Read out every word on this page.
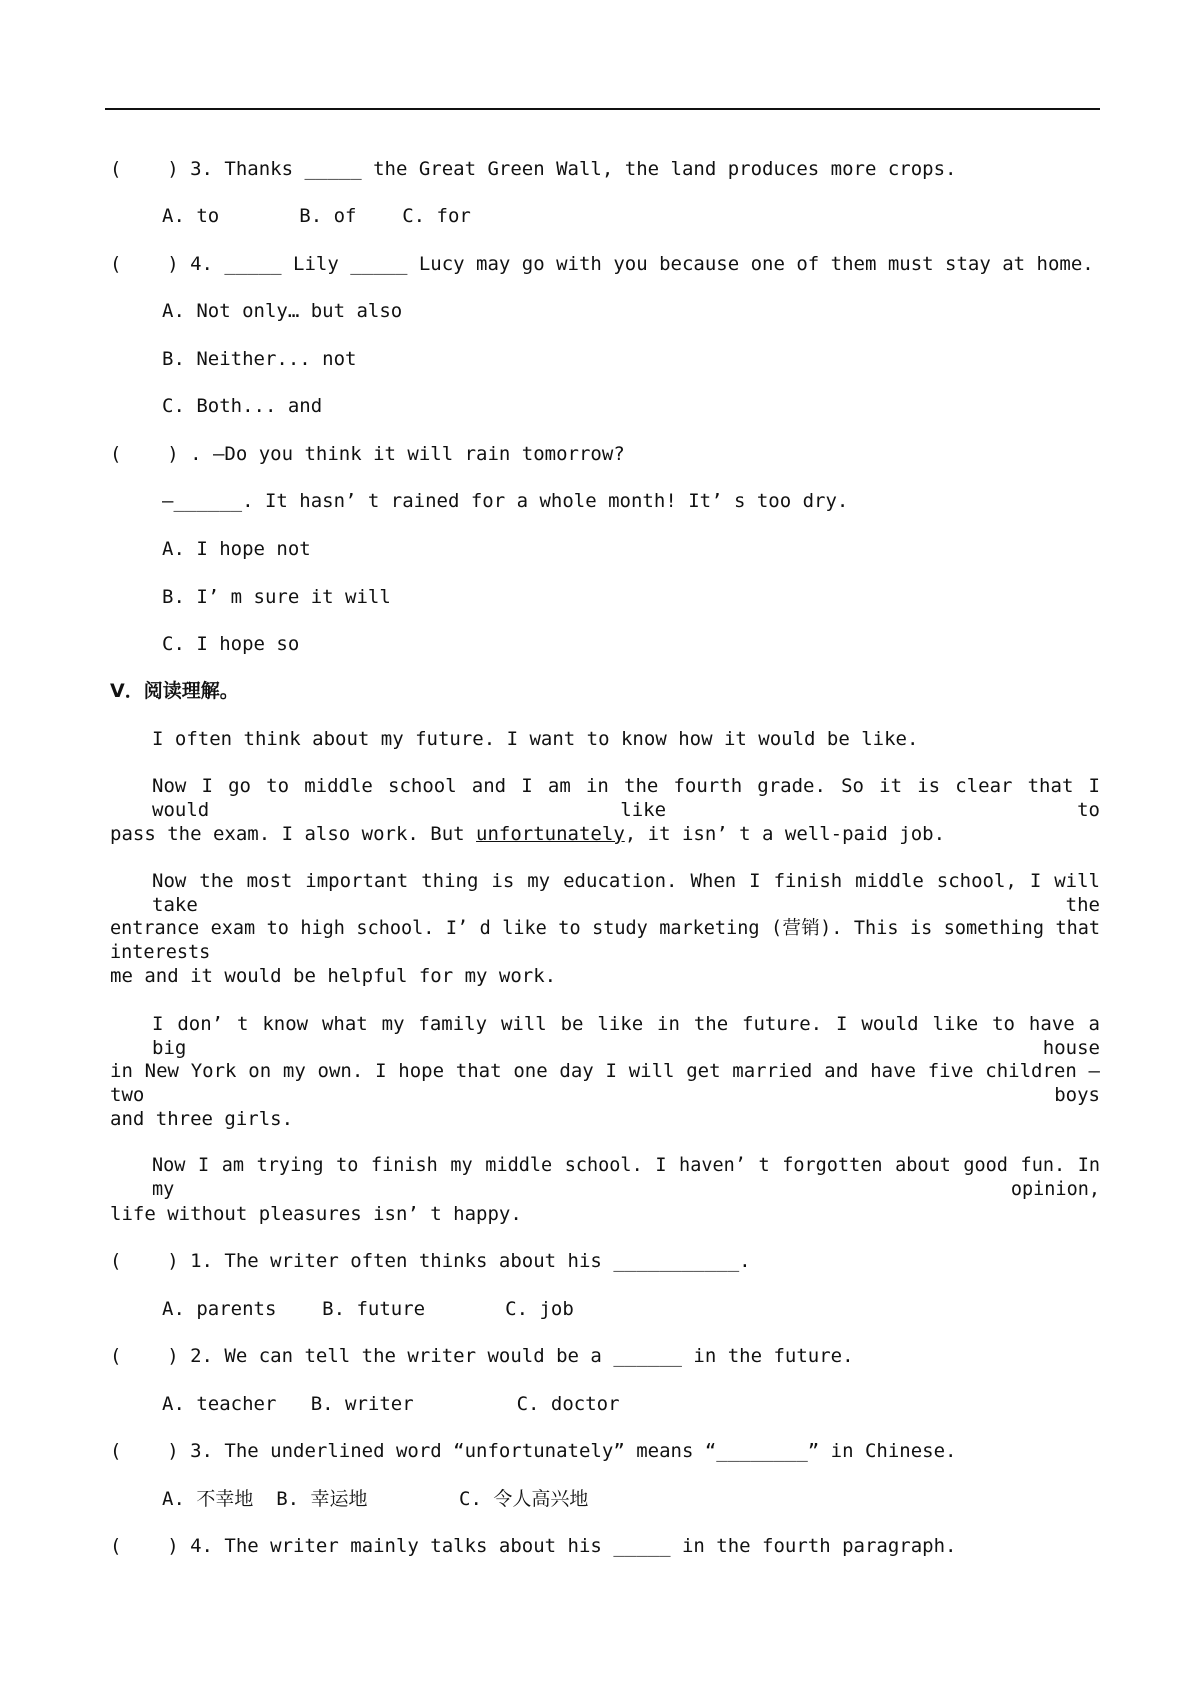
(    ) 3. Thanks _____ the Great Green Wall, the land produces more crops.
A. to       B. of    C. for
(    ) 4. _____ Lily _____ Lucy may go with you because one of them must stay at home.
A. Not only… but also
B. Neither... not
C. Both... and
(    ) . —Do you think it will rain tomorrow?
—______. It hasn’ t rained for a whole month! It’ s too dry.
A. I hope not
B. I’ m sure it will
C. I hope so
V．阅读理解。
I often think about my future. I want to know how it would be like.
Now I go to middle school and I am in the fourth grade. So it is clear that I would like to
pass the exam. I also work. But unfortunately, it isn’ t a well-paid job.
Now the most important thing is my education. When I finish middle school, I will take the
entrance exam to high school. I’ d like to study marketing (营销). This is something that interests
me and it would be helpful for my work.
I don’ t know what my family will be like in the future. I would like to have a big house
in New York on my own. I hope that one day I will get married and have five children — two boys
and three girls.
Now I am trying to finish my middle school. I haven’ t forgotten about good fun. In my opinion,
life without pleasures isn’ t happy.
(    ) 1. The writer often thinks about his ___________.
A. parents    B. future       C. job
(    ) 2. We can tell the writer would be a ______ in the future.
A. teacher   B. writer         C. doctor
(    ) 3. The underlined word “unfortunately” means “________” in Chinese.
A. 不幸地  B. 幸运地        C. 令人高兴地
(    ) 4. The writer mainly talks about his _____ in the fourth paragraph.
